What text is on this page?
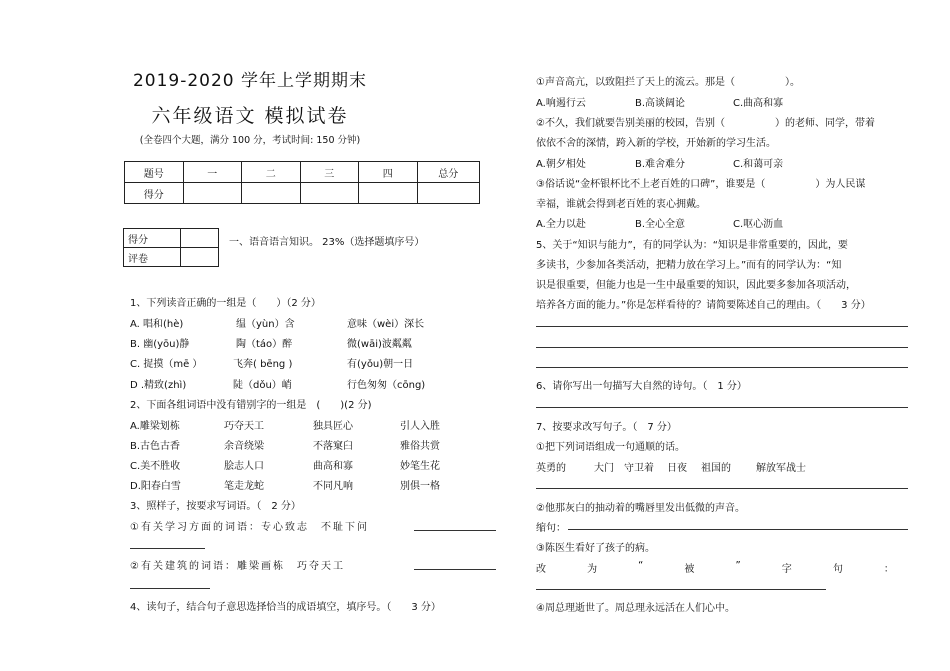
2019-2020 学年上学期期末
六年级语文 模拟试卷
(全卷四个大题，满分 100 分，考试时间: 150 分钟)
题号	一	二	三	四	总分
得分					
得分	
评卷	
一、语音语言知识。 23%（选择题填序号）
1、下列读音正确的一组是（　　）（2 分）
A. 唱和(hè)	缊（yùn）含	意味（wèi）深长
B. 幽(yōu)静	陶（táo）醉	微(wāi)波粼粼
C. 捉摸（mē ）	飞奔( bēng )	有(yǒu)朝一日
D .精致(zhì)	陡（dǒu）峭	行色匆匆（cōng)
2、下面各组词语中没有错别字的一组是　(　　)(2 分)
A.雕梁划栋	巧夺天工	独具匠心	引人入胜
B.古色古香	余音绕梁	不落窠臼	雅俗共赏
C.美不胜收	脍志人口	曲高和寡	妙笔生花
D.阳春白雪	笔走龙蛇	不同凡响	別俱一格
3、照样子，按要求写词语。（　2 分）
①有关学习方面的词语：专心致志　不耻下问
②有关建筑的词语：雕梁画栋　巧夺天工
4、读句子，结合句子意思选择恰当的成语填空，填序号。（　　3 分）
①声音高亢，以致阻拦了天上的流云。那是（　　　　　）。
A.响遏行云	B.高谈阔论	C.曲高和寡
②不久，我们就要告别美丽的校园，告别（　　　　　）的老师、同学，带着
依依不舍的深情，跨入新的学校，开始新的学习生活。
A.朝夕相处	B.难舍难分	C.和蔼可亲
③俗话说“金杯银杯比不上老百姓的口碑”，谁要是（　　　　　）为人民谋
幸福，谁就会得到老百姓的衷心拥戴。
A.全力以赴	B.全心全意	C.呕心沥血
5、关于“知识与能力”，有的同学认为：“知识是非常重要的，因此，要
多读书，少参加各类活动，把精力放在学习上。”而有的同学认为：“知
识是很重要，但能力也是一生中最重要的知识，因此要多参加各项活动，
培养各方面的能力。”你是怎样看待的？请简要陈述自己的理由。（　　3 分）
6、请你写出一句描写大自然的诗句。（　1 分）
7、按要求改写句子。（　7 分）
①把下列词语组成一句通顺的话。
英勇的	大门 守卫着 日夜 祖国的	解放军战士
②他那灰白的抽动着的嘴唇里发出低微的声音。
缩句：
③陈医生看好了孩子的病。
改	为	“	被	”	字	句	：
④周总理逝世了。周总理永远活在人们心中。
